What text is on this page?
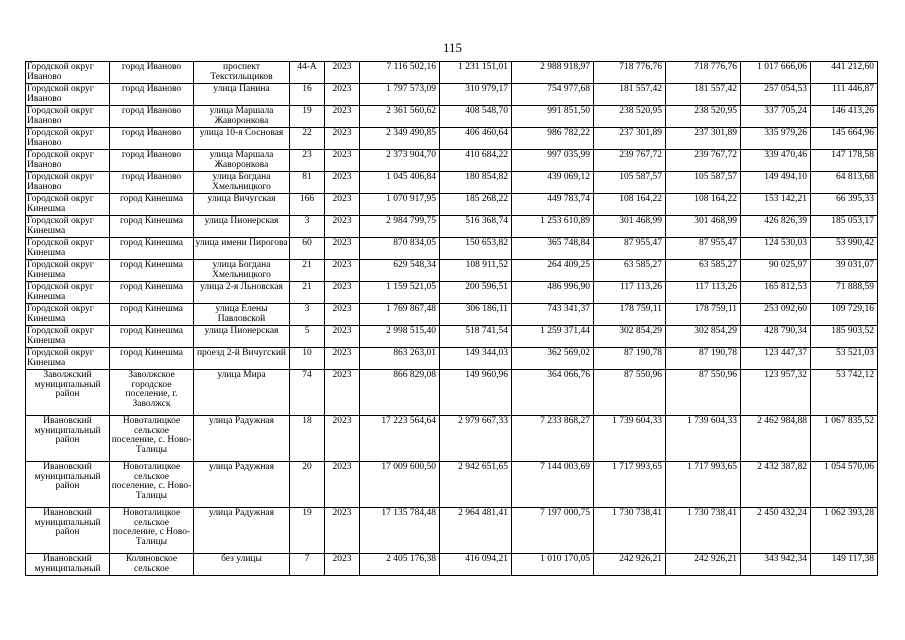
115
Городской округ Иваново	город Иваново	проспект Текстильщиков	44-А	2023	7 116 502,16	1 231 151,01	2 988 918,97	718 776,76	718 776,76	1 017 666,06	441 212,60
Городской округ Иваново	город Иваново	улица Панина	16	2023	1 797 573,09	310 979,17	754 977,68	181 557,42	181 557,42	257 054,53	111 446,87
Городской округ Иваново	город Иваново	улица Маршала Жаворонкова	19	2023	2 361 560,62	408 548,70	991 851,50	238 520,95	238 520,95	337 705,24	146 413,26
Городской округ Иваново	город Иваново	улица 10-я Сосновая	22	2023	2 349 490,85	406 460,64	986 782,22	237 301,89	237 301,89	335 979,26	145 664,96
Городской округ Иваново	город Иваново	улица Маршала Жаворонкова	23	2023	2 373 904,70	410 684,22	997 035,99	239 767,72	239 767,72	339 470,46	147 178,58
Городской округ Иваново	город Иваново	улица Богдана Хмельницкого	81	2023	1 045 406,84	180 854,82	439 069,12	105 587,57	105 587,57	149 494,10	64 813,68
Городской округ Кинешма	город Кинешма	улица Вичугская	166	2023	1 070 917,95	185 268,22	449 783,74	108 164,22	108 164,22	153 142,21	66 395,33
Городской округ Кинешма	город Кинешма	улица Пионерская	3	2023	2 984 799,75	516 368,74	1 253 610,89	301 468,99	301 468,99	426 826,39	185 053,17
Городской округ Кинешма	город Кинешма	улица имени Пирогова	60	2023	870 834,05	150 653,82	365 748,84	87 955,47	87 955,47	124 530,03	53 990,42
Городской округ Кинешма	город Кинешма	улица Богдана Хмельницкого	21	2023	629 548,34	108 911,52	264 409,25	63 585,27	63 585,27	90 025,97	39 031,07
Городской округ Кинешма	город Кинешма	улица 2-я Льновская	21	2023	1 159 521,05	200 596,51	486 996,90	117 113,26	117 113,26	165 812,53	71 888,59
Городской округ Кинешма	город Кинешма	улица Елены Павловской	3	2023	1 769 867,48	306 186,11	743 341,37	178 759,11	178 759,11	253 092,60	109 729,16
Городской округ Кинешма	город Кинешма	улица Пионерская	5	2023	2 998 515,40	518 741,54	1 259 371,44	302 854,29	302 854,29	428 790,34	185 903,52
Городской округ Кинешма	город Кинешма	проезд 2-й Вичугский	10	2023	863 263,01	149 344,03	362 569,02	87 190,78	87 190,78	123 447,37	53 521,03
Заволжский муниципальный район	Заволжское городское поселение, г. Заволжск	улица Мира	74	2023	866 829,08	149 960,96	364 066,76	87 550,96	87 550,96	123 957,32	53 742,12
Ивановский муниципальный район	Новоталицкое сельское поселение, с. Ново-Талицы	улица Радужная	18	2023	17 223 564,64	2 979 667,33	7 233 868,27	1 739 604,33	1 739 604,33	2 462 984,88	1 067 835,52
Ивановский муниципальный район	Новоталицкое сельское поселение, с. Ново-Талицы	улица Радужная	20	2023	17 009 600,50	2 942 651,65	7 144 003,69	1 717 993,65	1 717 993,65	2 432 387,82	1 054 570,06
Ивановский муниципальный район	Новоталицкое сельское поселение, с Ново-Талицы	улица Радужная	19	2023	17 135 784,48	2 964 481,41	7 197 000,75	1 730 738,41	1 730 738,41	2 450 432,24	1 062 393,28
Ивановский муниципальный	Коляновское сельское	без улицы	7	2023	2 405 176,38	416 094,21	1 010 170,05	242 926,21	242 926,21	343 942,34	149 117,38
